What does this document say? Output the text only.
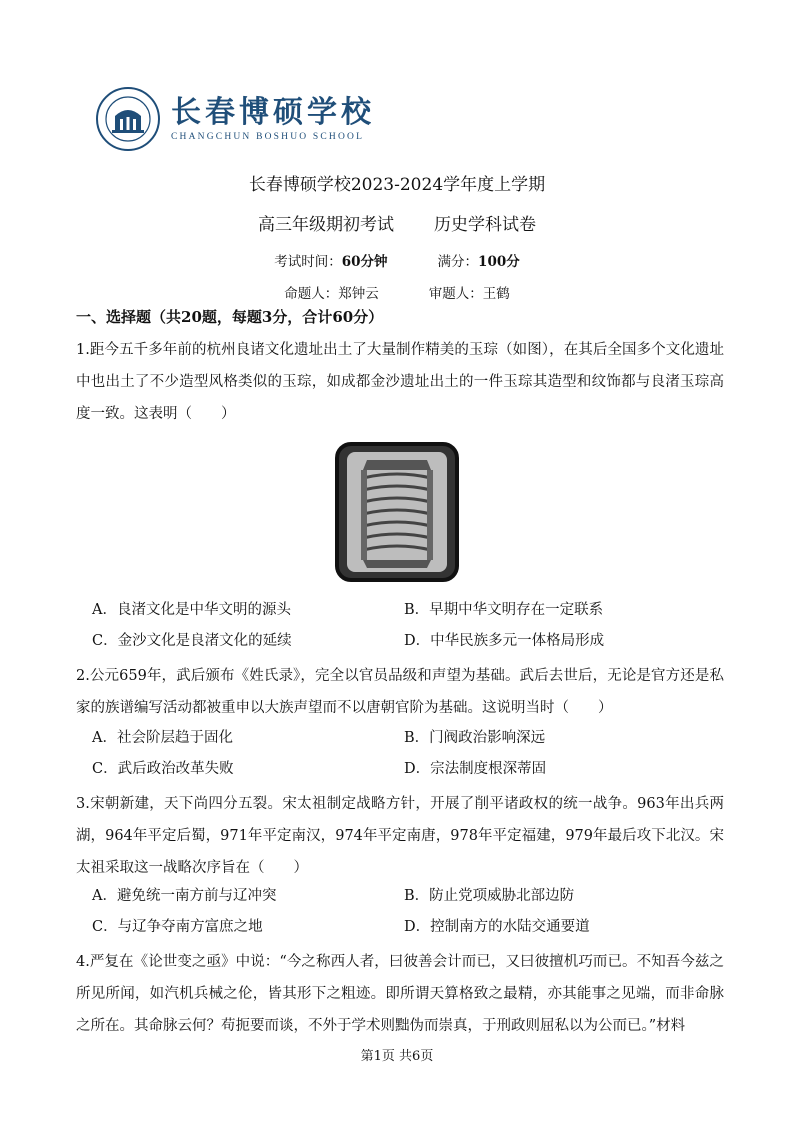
长春博硕学校
CHANGCHUN BOSHUO SCHOOL
长春博硕学校2023-2024学年度上学期
高三年级期初考试 历史学科试卷
考试时间：60分钟	满分：100分
命题人：郑钟云	审题人：王鹤
一、选择题（共20题，每题3分，合计60分）
1.距今五千多年前的杭州良诸文化遗址出土了大量制作精美的玉琮（如图），在其后全国多个文化遗址中也出土了不少造型风格类似的玉琮，如成都金沙遗址出土的一件玉琮其造型和纹饰都与良渚玉琮高度一致。这表明（　　）
A．良渚文化是中华文明的源头	B．早期中华文明存在一定联系
C．金沙文化是良渚文化的延续	D．中华民族多元一体格局形成
2.公元659年，武后颁布《姓氏录》，完全以官员品级和声望为基础。武后去世后，无论是官方还是私家的族谱编写活动都被重申以大族声望而不以唐朝官阶为基础。这说明当时（　　）
A．社会阶层趋于固化	B．门阀政治影响深远
C．武后政治改革失败	D．宗法制度根深蒂固
3.宋朝新建，天下尚四分五裂。宋太祖制定战略方针，开展了削平诸政权的统一战争。963年出兵两湖，964年平定后蜀，971年平定南汉，974年平定南唐，978年平定福建，979年最后攻下北汉。宋太祖采取这一战略次序旨在（　　）
A．避免统一南方前与辽冲突	B．防止党项威胁北部边防
C．与辽争夺南方富庶之地	D．控制南方的水陆交通要道
4.严复在《论世变之亟》中说：“今之称西人者，曰彼善会计而已，又曰彼擅机巧而已。不知吾今兹之所见所闻，如汽机兵械之伦，皆其形下之粗迹。即所谓天算格致之最精，亦其能事之见端，而非命脉之所在。其命脉云何？苟扼要而谈，不外于学术则黜伪而崇真，于刑政则屈私以为公而已。”材料
第1页 共6页
